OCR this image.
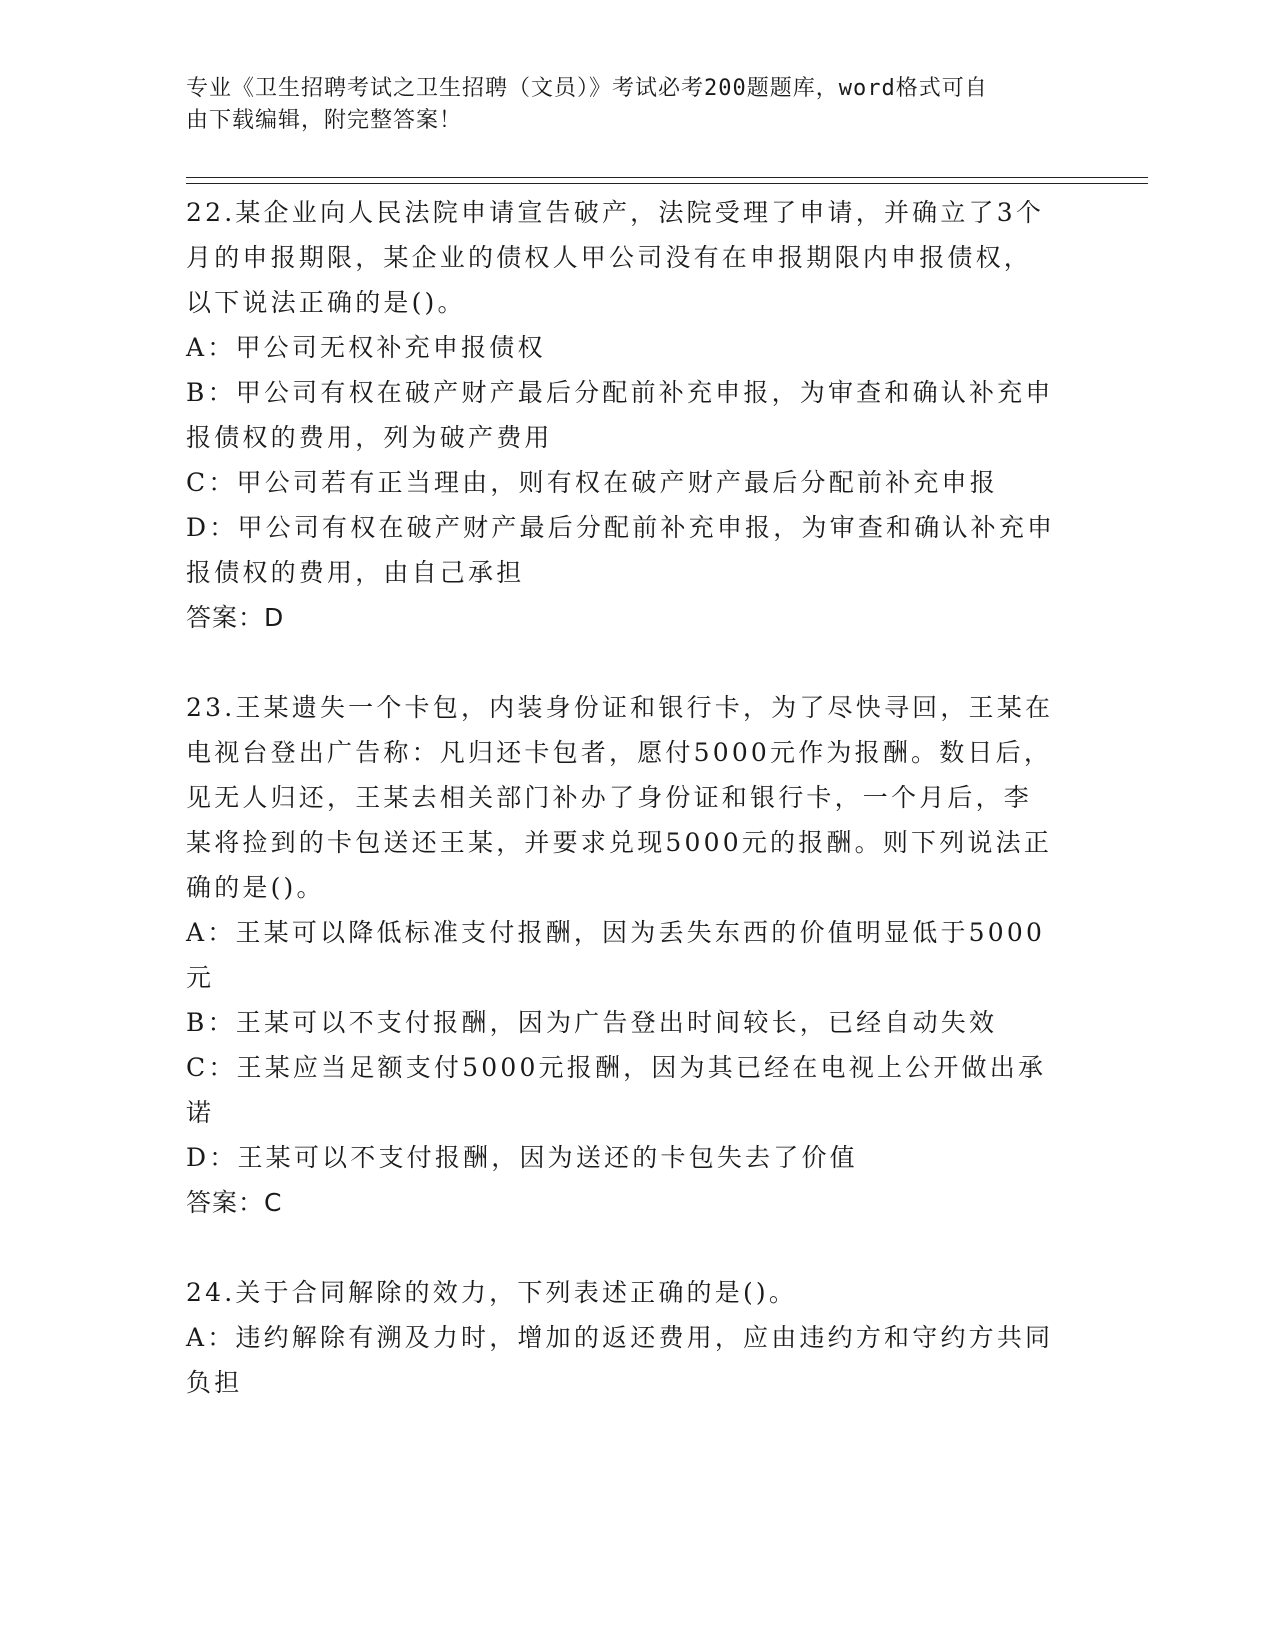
专业《卫生招聘考试之卫生招聘（文员）》考试必考200题题库，word格式可自
由下载编辑，附完整答案！
22.某企业向人民法院申请宣告破产，法院受理了申请，并确立了3个
月的申报期限，某企业的债权人甲公司没有在申报期限内申报债权，
以下说法正确的是()。
A：甲公司无权补充申报债权
B：甲公司有权在破产财产最后分配前补充申报，为审查和确认补充申
报债权的费用，列为破产费用
C：甲公司若有正当理由，则有权在破产财产最后分配前补充申报
D：甲公司有权在破产财产最后分配前补充申报，为审查和确认补充申
报债权的费用，由自己承担
答案：D
23.王某遗失一个卡包，内装身份证和银行卡，为了尽快寻回，王某在
电视台登出广告称：凡归还卡包者，愿付5000元作为报酬。数日后，
见无人归还，王某去相关部门补办了身份证和银行卡，一个月后，李
某将捡到的卡包送还王某，并要求兑现5000元的报酬。则下列说法正
确的是()。
A：王某可以降低标准支付报酬，因为丢失东西的价值明显低于5000
元
B：王某可以不支付报酬，因为广告登出时间较长，已经自动失效
C：王某应当足额支付5000元报酬，因为其已经在电视上公开做出承
诺
D：王某可以不支付报酬，因为送还的卡包失去了价值
答案：C
24.关于合同解除的效力，下列表述正确的是()。
A：违约解除有溯及力时，增加的返还费用，应由违约方和守约方共同
负担
